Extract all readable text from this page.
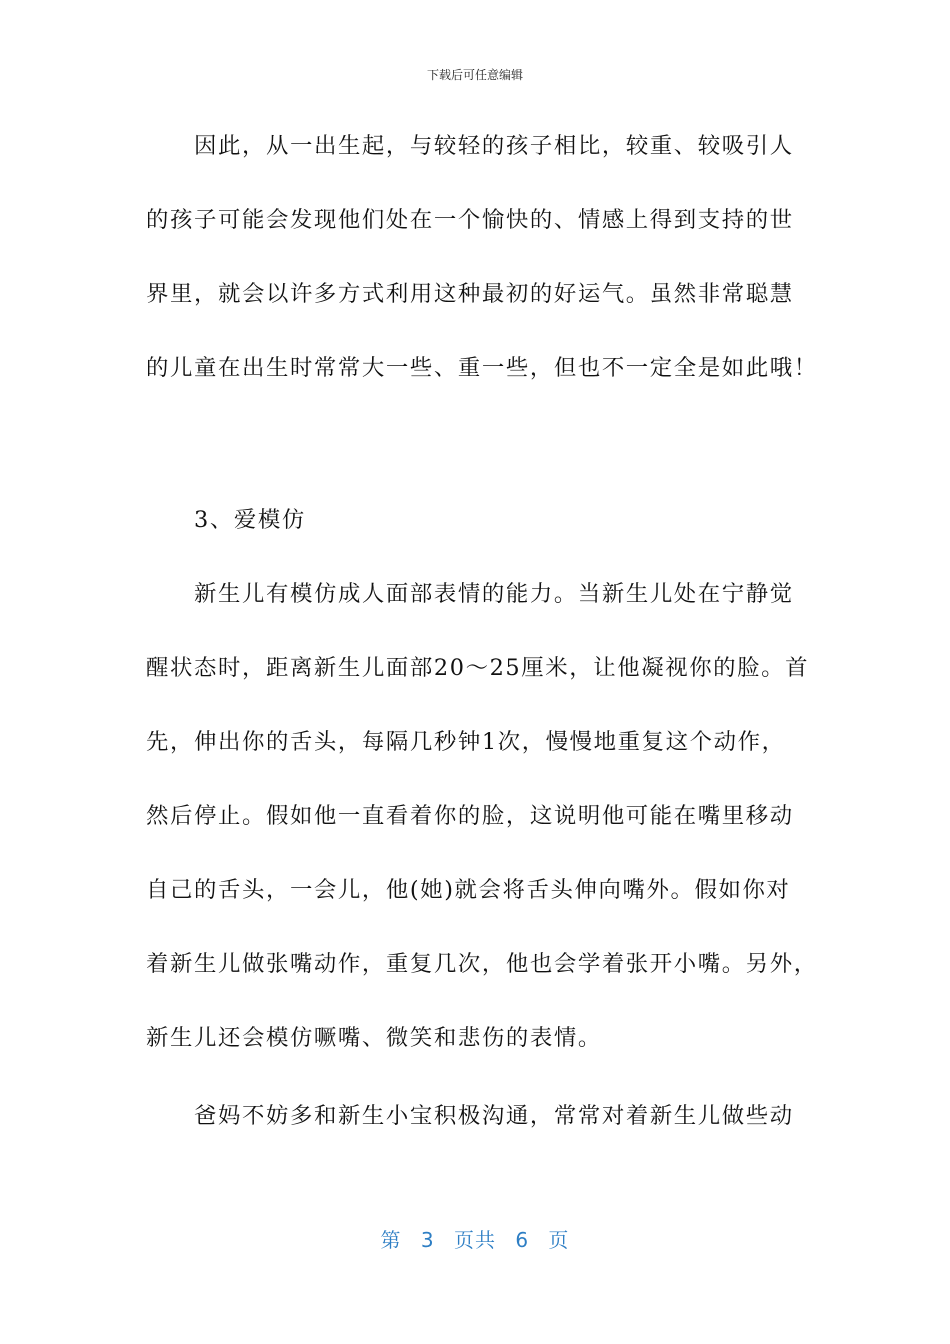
下载后可任意编辑
因此，从一出生起，与较轻的孩子相比，较重、较吸引人
的孩子可能会发现他们处在一个愉快的、情感上得到支持的世
界里，就会以许多方式利用这种最初的好运气。虽然非常聪慧
的儿童在出生时常常大一些、重一些，但也不一定全是如此哦！
3、爱模仿
新生儿有模仿成人面部表情的能力。当新生儿处在宁静觉
醒状态时，距离新生儿面部20～25厘米，让他凝视你的脸。首
先，伸出你的舌头，每隔几秒钟1次，慢慢地重复这个动作，
然后停止。假如他一直看着你的脸，这说明他可能在嘴里移动
自己的舌头，一会儿，他(她)就会将舌头伸向嘴外。假如你对
着新生儿做张嘴动作，重复几次，他也会学着张开小嘴。另外，
新生儿还会模仿噘嘴、微笑和悲伤的表情。
爸妈不妨多和新生小宝积极沟通，常常对着新生儿做些动
第 3 页共 6 页
